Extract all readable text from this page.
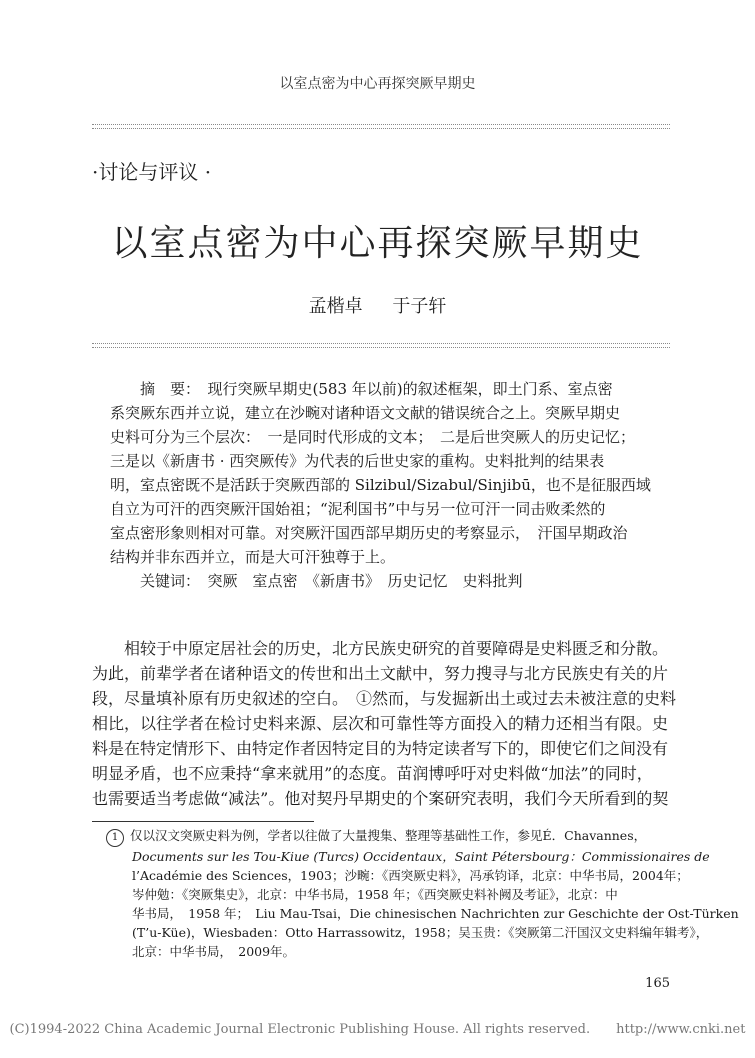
以室点密为中心再探突厥早期史
·讨论与评议 ·
以室点密为中心再探突厥早期史
孟楷卓 于子轩

摘　要：　现行突厥早期史(583 年以前)的叙述框架，即土门系、室点密

系突厥东西并立说，建立在沙畹对诸种语文文献的错误统合之上。突厥早期史

史料可分为三个层次：　一是同时代形成的文本；　二是后世突厥人的历史记忆；

三是以《新唐书 · 西突厥传》为代表的后世史家的重构。史料批判的结果表

明，室点密既不是活跃于突厥西部的 Silzibul/Sizabul/Sinjibū，也不是征服西域

自立为可汗的西突厥汗国始祖；“泥利国书”中与另一位可汗一同击败柔然的

室点密形象则相对可靠。对突厥汗国西部早期历史的考察显示，　汗国早期政治

结构并非东西并立，而是大可汗独尊于上。

关键词：　突厥　室点密　《新唐书》　历史记忆　史料批判

相较于中原定居社会的历史，北方民族史研究的首要障碍是史料匮乏和分散。

为此，前辈学者在诸种语文的传世和出土文献中，努力搜寻与北方民族史有关的片

段，尽量填补原有历史叙述的空白。　①然而，与发掘新出土或过去未被注意的史料

相比，以往学者在检讨史料来源、层次和可靠性等方面投入的精力还相当有限。史

料是在特定情形下、由特定作者因特定目的为特定读者写下的，即使它们之间没有

明显矛盾，也不应秉持“拿来就用”的态度。苗润博呼吁对史料做“加法”的同时，

也需要适当考虑做“减法”。他对契丹早期史的个案研究表明，我们今天所看到的契

1 仅以汉文突厥史料为例，学者以往做了大量搜集、整理等基础性工作，参见É．Chavannes，

Documents sur les Tou-Kiue (Turcs) Occidentaux，Saint Pétersbourg：Commissionaires de

l’Académie des Sciences，1903；沙畹：《西突厥史料》，冯承钧译，北京：中华书局，2004年；

岑仲勉：《突厥集史》，北京：中华书局，1958 年；《西突厥史料补阙及考证》，北京：中

华书局，　1958 年；　Liu Mau-Tsai，Die chinesischen Nachrichten zur Geschichte der Ost-Türken

(T’u-Küe)，Wiesbaden：Otto Harrassowitz，1958；吴玉贵：《突厥第二汗国汉文史料编年辑考》，

北京：中华书局，　2009年。

165
(C)1994-2022 China Academic Journal Electronic Publishing House. All rights reserved.　　http://www.cnki.net
